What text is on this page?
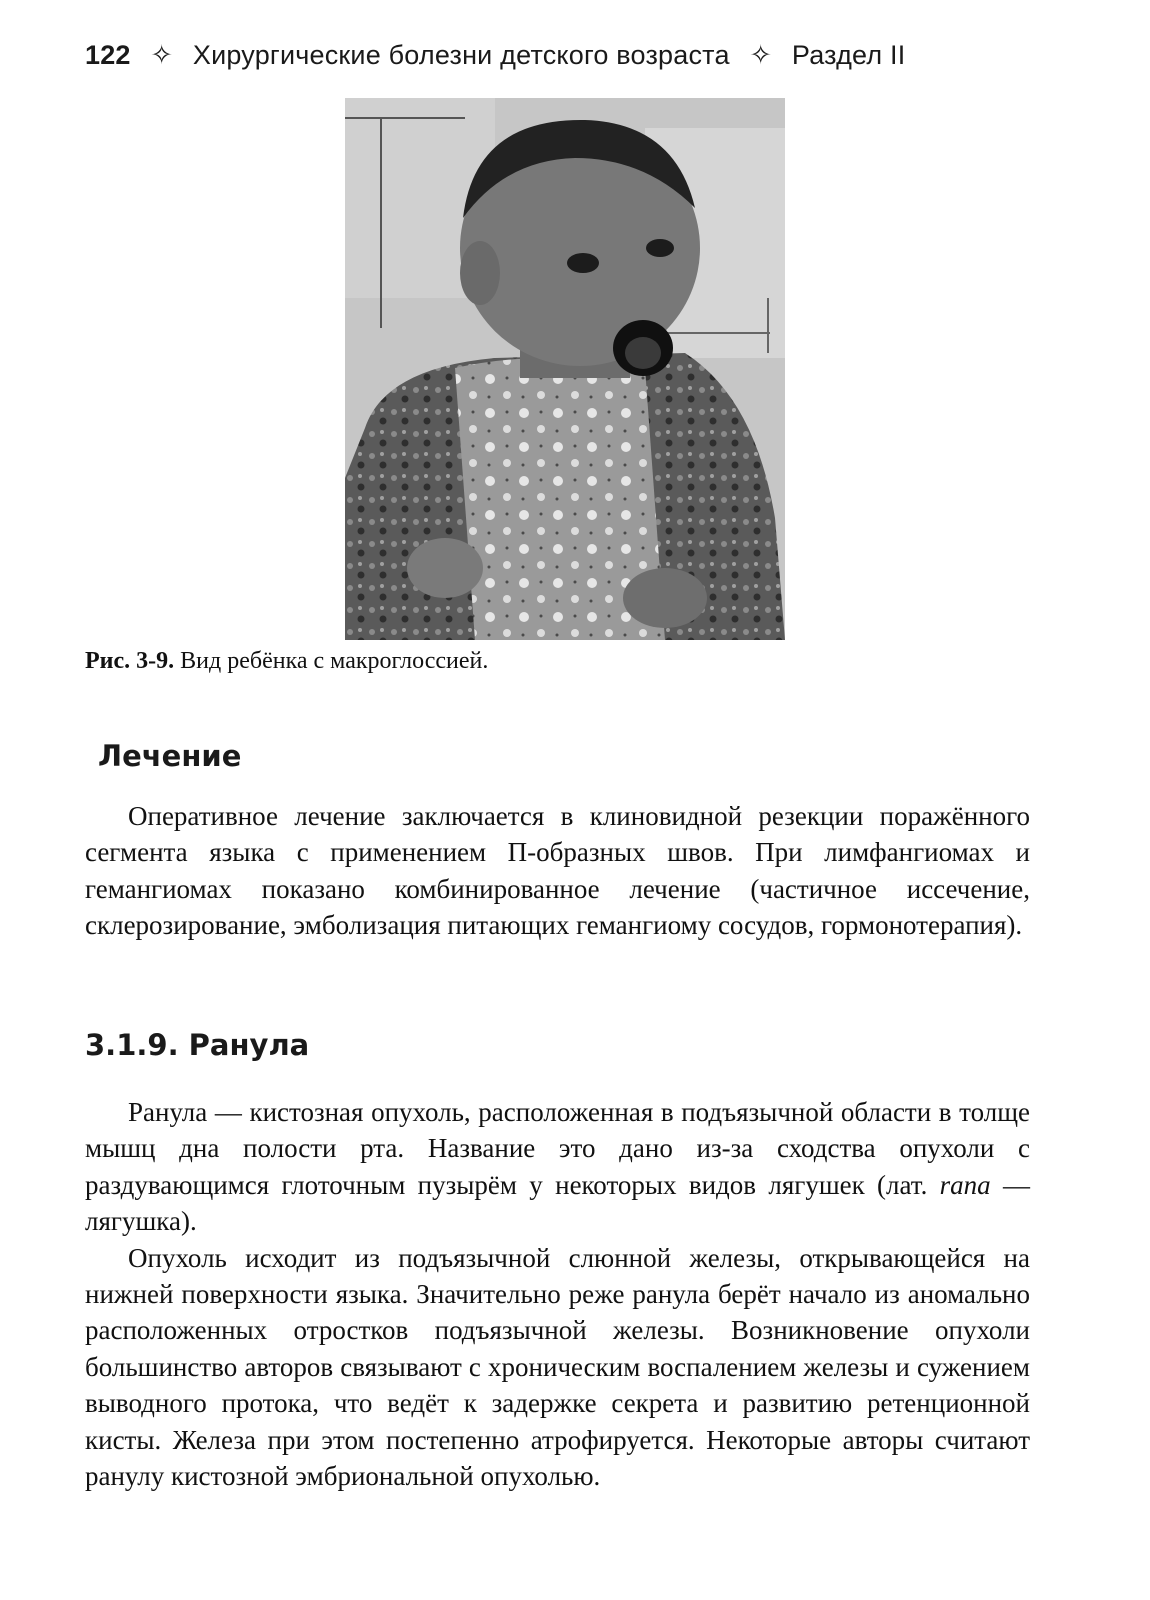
122 ✧ Хирургические болезни детского возраста ✧ Раздел II
Рис. 3-9. Вид ребёнка с макроглоссией.
Лечение

Оперативное лечение заключается в клиновидной резекции поражённого сегмента языка с применением П-образных швов. При лимфангиомах и гемангиомах показано комбинированное лечение (частичное иссечение, склерозирование, эмболизация питающих гемангиому сосудов, гормонотерапия).

3.1.9. Ранула

Ранула — кистозная опухоль, расположенная в подъязычной области в толще мышц дна полости рта. Название это дано из-за сходства опухоли с раздувающимся глоточным пузырём у некоторых видов лягушек (лат. rana — лягушка).

Опухоль исходит из подъязычной слюнной железы, открывающейся на нижней поверхности языка. Значительно реже ранула берёт начало из аномально расположенных отростков подъязычной железы. Возникновение опухоли большинство авторов связывают с хроническим воспалением железы и сужением выводного протока, что ведёт к задержке секрета и развитию ретенционной кисты. Железа при этом постепенно атрофируется. Некоторые авторы считают ранулу кистозной эмбриональной опухолью.
